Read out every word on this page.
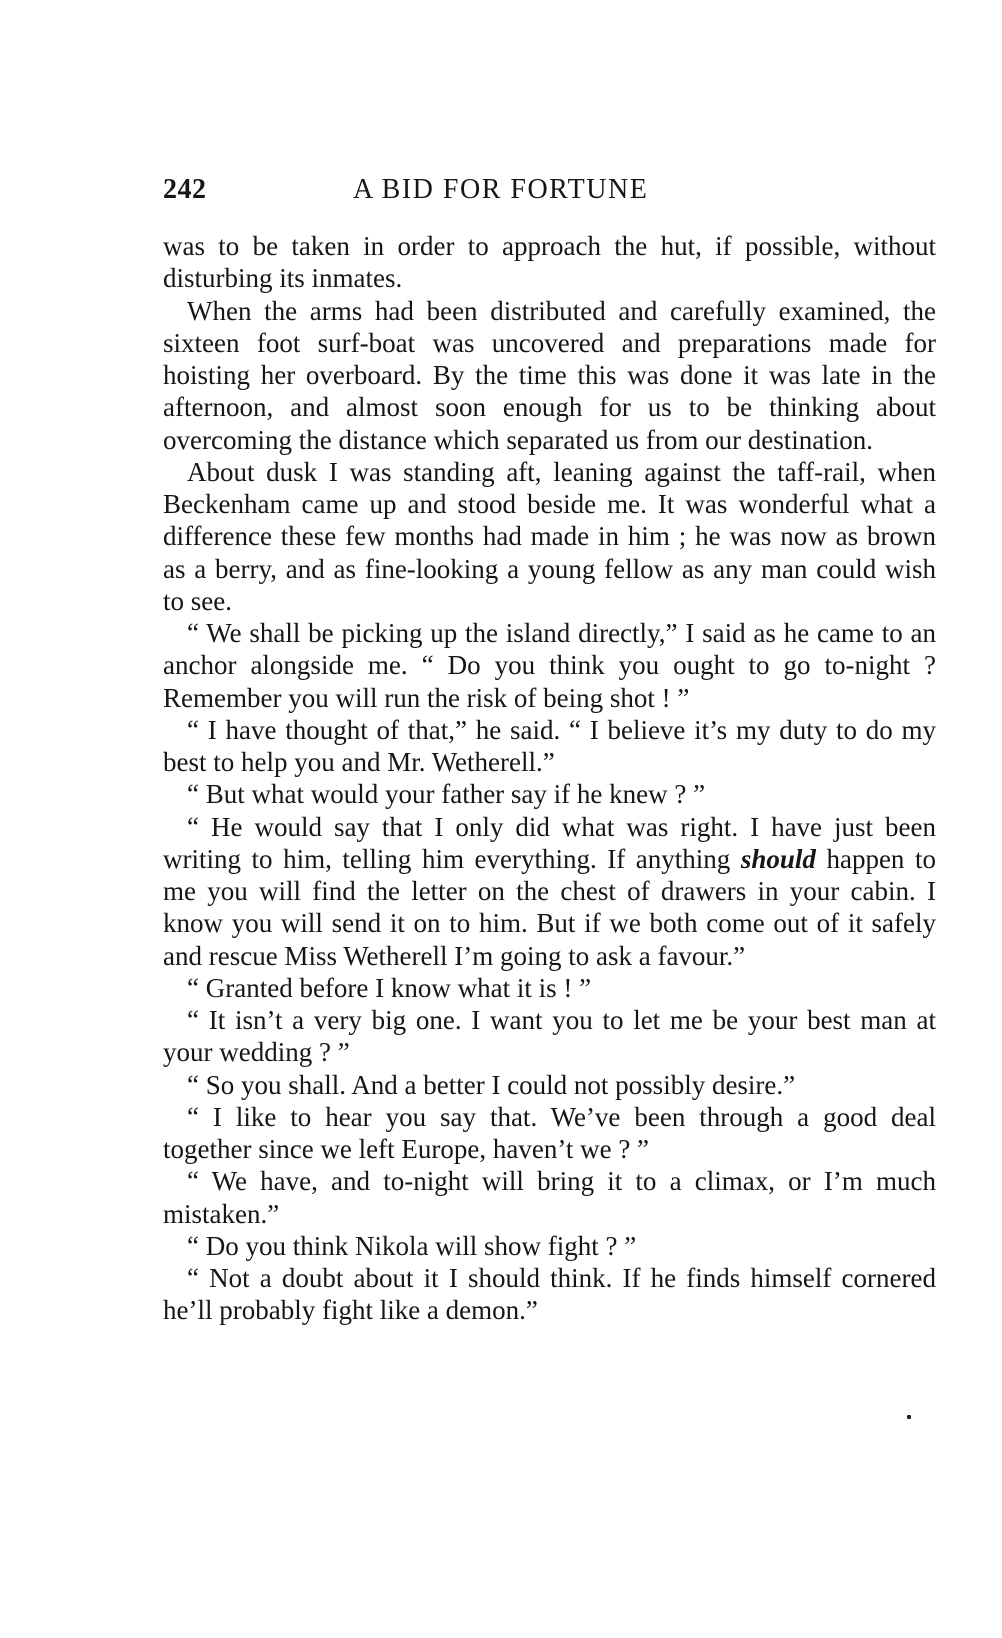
242	A BID FOR FORTUNE

was to be taken in order to approach the hut, if possible, without disturbing its inmates.

When the arms had been distributed and carefully examined, the sixteen foot surf-boat was uncovered and preparations made for hoisting her overboard. By the time this was done it was late in the afternoon, and almost soon enough for us to be thinking about overcoming the distance which separated us from our destination.

About dusk I was standing aft, leaning against the taff-rail, when Beckenham came up and stood beside me. It was wonderful what a difference these few months had made in him ; he was now as brown as a berry, and as fine-looking a young fellow as any man could wish to see.

“ We shall be picking up the island directly,” I said as he came to an anchor alongside me. “ Do you think you ought to go to-night ? Remember you will run the risk of being shot ! ”

“ I have thought of that,” he said. “ I believe it’s my duty to do my best to help you and Mr. Wetherell.”

“ But what would your father say if he knew ? ”

“ He would say that I only did what was right. I have just been writing to him, telling him everything. If anything should happen to me you will find the letter on the chest of drawers in your cabin. I know you will send it on to him. But if we both come out of it safely and rescue Miss Wetherell I’m going to ask a favour.”

“ Granted before I know what it is ! ”

“ It isn’t a very big one. I want you to let me be your best man at your wedding ? ”

“ So you shall. And a better I could not possibly desire.”

“ I like to hear you say that. We’ve been through a good deal together since we left Europe, haven’t we ? ”

“ We have, and to-night will bring it to a climax, or I’m much mistaken.”

“ Do you think Nikola will show fight ? ”

“ Not a doubt about it I should think. If he finds himself cornered he’ll probably fight like a demon.”
